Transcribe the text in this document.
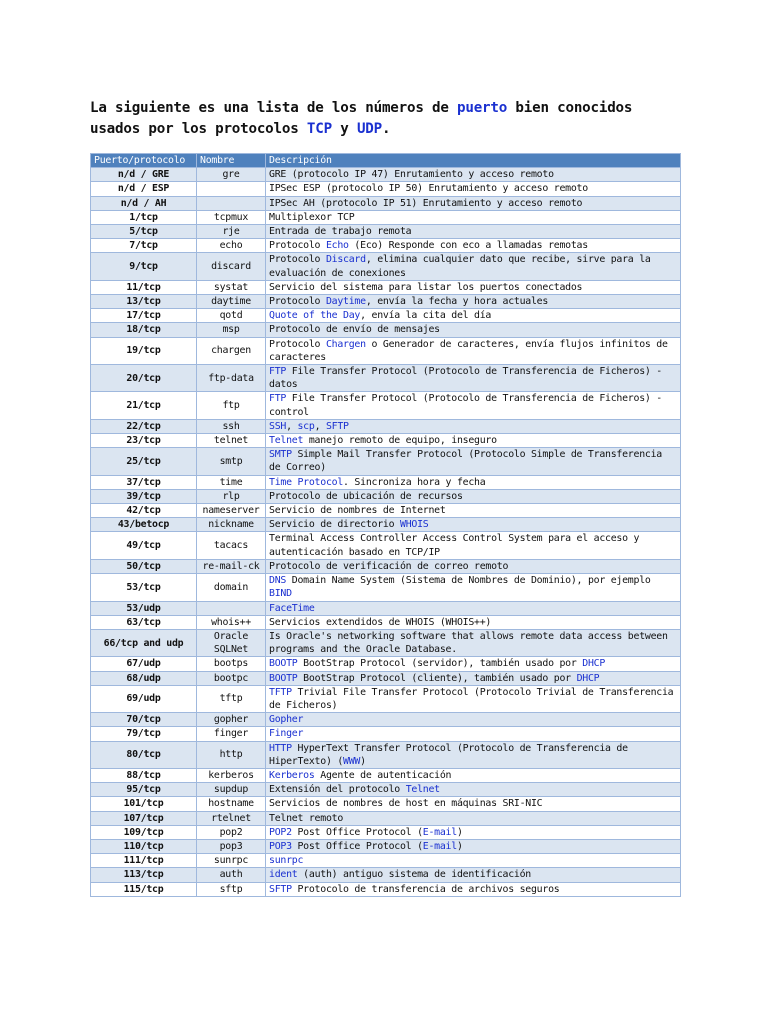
La siguiente es una lista de los números de puerto bien conocidos usados por los protocolos TCP y UDP.
Puerto/protocolo	Nombre	Descripción
n/d / GRE	gre	GRE (protocolo IP 47) Enrutamiento y acceso remoto
n/d / ESP		IPSec ESP (protocolo IP 50) Enrutamiento y acceso remoto
n/d / AH		IPSec AH (protocolo IP 51) Enrutamiento y acceso remoto
1/tcp	tcpmux	Multiplexor TCP
5/tcp	rje	Entrada de trabajo remota
7/tcp	echo	Protocolo Echo (Eco) Responde con eco a llamadas remotas
9/tcp	discard	Protocolo Discard, elimina cualquier dato que recibe, sirve para la evaluación de conexiones
11/tcp	systat	Servicio del sistema para listar los puertos conectados
13/tcp	daytime	Protocolo Daytime, envía la fecha y hora actuales
17/tcp	qotd	Quote of the Day, envía la cita del día
18/tcp	msp	Protocolo de envío de mensajes
19/tcp	chargen	Protocolo Chargen o Generador de caracteres, envía flujos infinitos de caracteres
20/tcp	ftp-data	FTP File Transfer Protocol (Protocolo de Transferencia de Ficheros) - datos
21/tcp	ftp	FTP File Transfer Protocol (Protocolo de Transferencia de Ficheros) - control
22/tcp	ssh	SSH, scp, SFTP
23/tcp	telnet	Telnet manejo remoto de equipo, inseguro
25/tcp	smtp	SMTP Simple Mail Transfer Protocol (Protocolo Simple de Transferencia de Correo)
37/tcp	time	Time Protocol. Sincroniza hora y fecha
39/tcp	rlp	Protocolo de ubicación de recursos
42/tcp	nameserver	Servicio de nombres de Internet
43/betocp	nickname	Servicio de directorio WHOIS
49/tcp	tacacs	Terminal Access Controller Access Control System para el acceso y autenticación basado en TCP/IP
50/tcp	re-mail-ck	Protocolo de verificación de correo remoto
53/tcp	domain	DNS Domain Name System (Sistema de Nombres de Dominio), por ejemplo BIND
53/udp		FaceTime
63/tcp	whois++	Servicios extendidos de WHOIS (WHOIS++)
66/tcp and udp	Oracle SQLNet	Is Oracle's networking software that allows remote data access between programs and the Oracle Database.
67/udp	bootps	BOOTP BootStrap Protocol (servidor), también usado por DHCP
68/udp	bootpc	BOOTP BootStrap Protocol (cliente), también usado por DHCP
69/udp	tftp	TFTP Trivial File Transfer Protocol (Protocolo Trivial de Transferencia de Ficheros)
70/tcp	gopher	Gopher
79/tcp	finger	Finger
80/tcp	http	HTTP HyperText Transfer Protocol (Protocolo de Transferencia de HiperTexto) (WWW)
88/tcp	kerberos	Kerberos Agente de autenticación
95/tcp	supdup	Extensión del protocolo Telnet
101/tcp	hostname	Servicios de nombres de host en máquinas SRI-NIC
107/tcp	rtelnet	Telnet remoto
109/tcp	pop2	POP2 Post Office Protocol (E-mail)
110/tcp	pop3	POP3 Post Office Protocol (E-mail)
111/tcp	sunrpc	sunrpc
113/tcp	auth	ident (auth) antiguo sistema de identificación
115/tcp	sftp	SFTP Protocolo de transferencia de archivos seguros
